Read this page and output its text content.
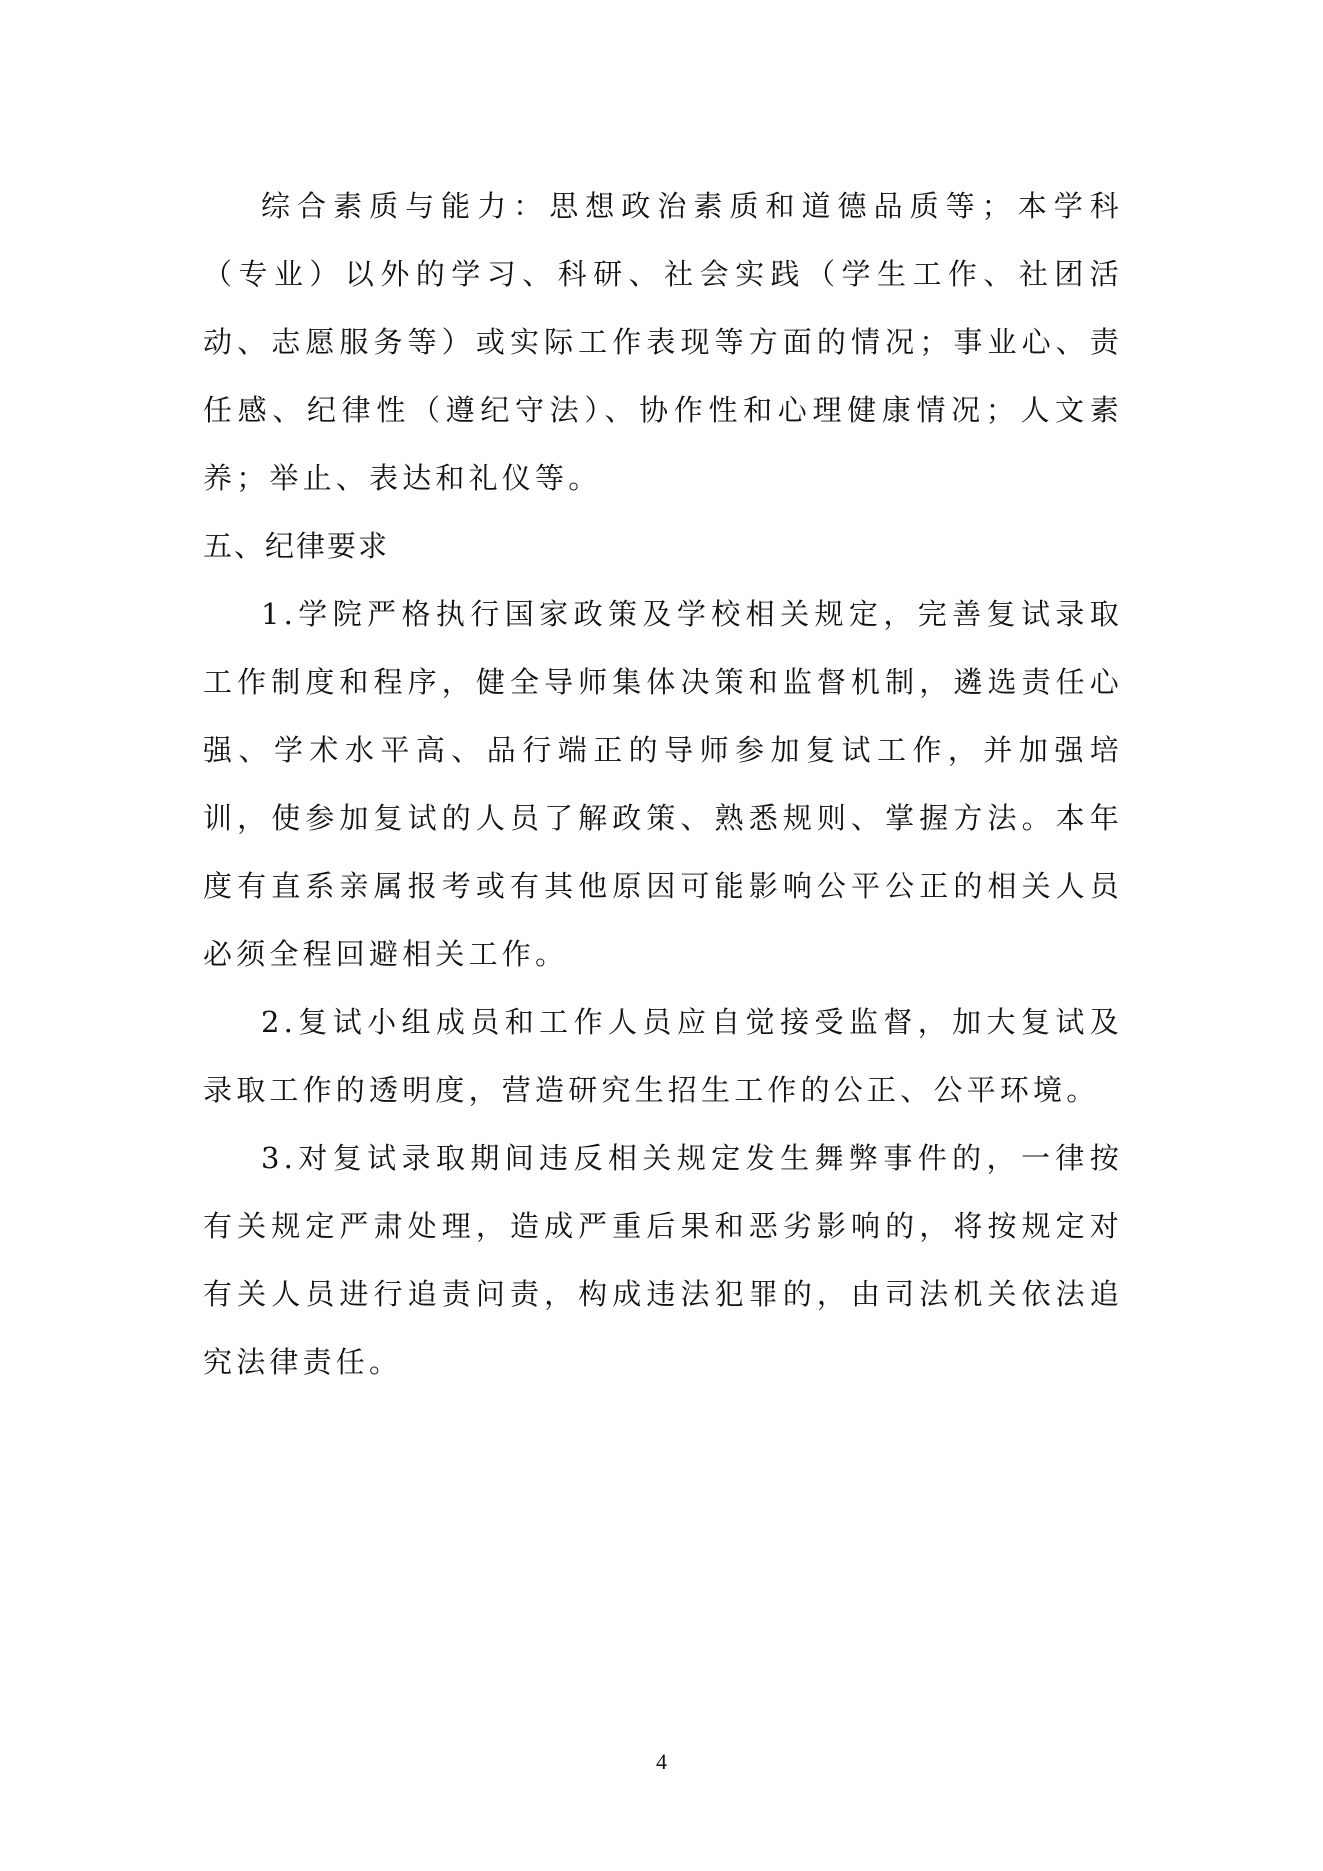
综合素质与能力：思想政治素质和道德品质等；本学科（专业）以外的学习、科研、社会实践（学生工作、社团活动、志愿服务等）或实际工作表现等方面的情况；事业心、责任感、纪律性（遵纪守法）、协作性和心理健康情况；人文素养；举止、表达和礼仪等。

五、纪律要求

1.学院严格执行国家政策及学校相关规定，完善复试录取工作制度和程序，健全导师集体决策和监督机制，遴选责任心强、学术水平高、品行端正的导师参加复试工作，并加强培训，使参加复试的人员了解政策、熟悉规则、掌握方法。本年度有直系亲属报考或有其他原因可能影响公平公正的相关人员必须全程回避相关工作。

2.复试小组成员和工作人员应自觉接受监督，加大复试及录取工作的透明度，营造研究生招生工作的公正、公平环境。

3.对复试录取期间违反相关规定发生舞弊事件的，一律按有关规定严肃处理，造成严重后果和恶劣影响的，将按规定对有关人员进行追责问责，构成违法犯罪的，由司法机关依法追究法律责任。

4
